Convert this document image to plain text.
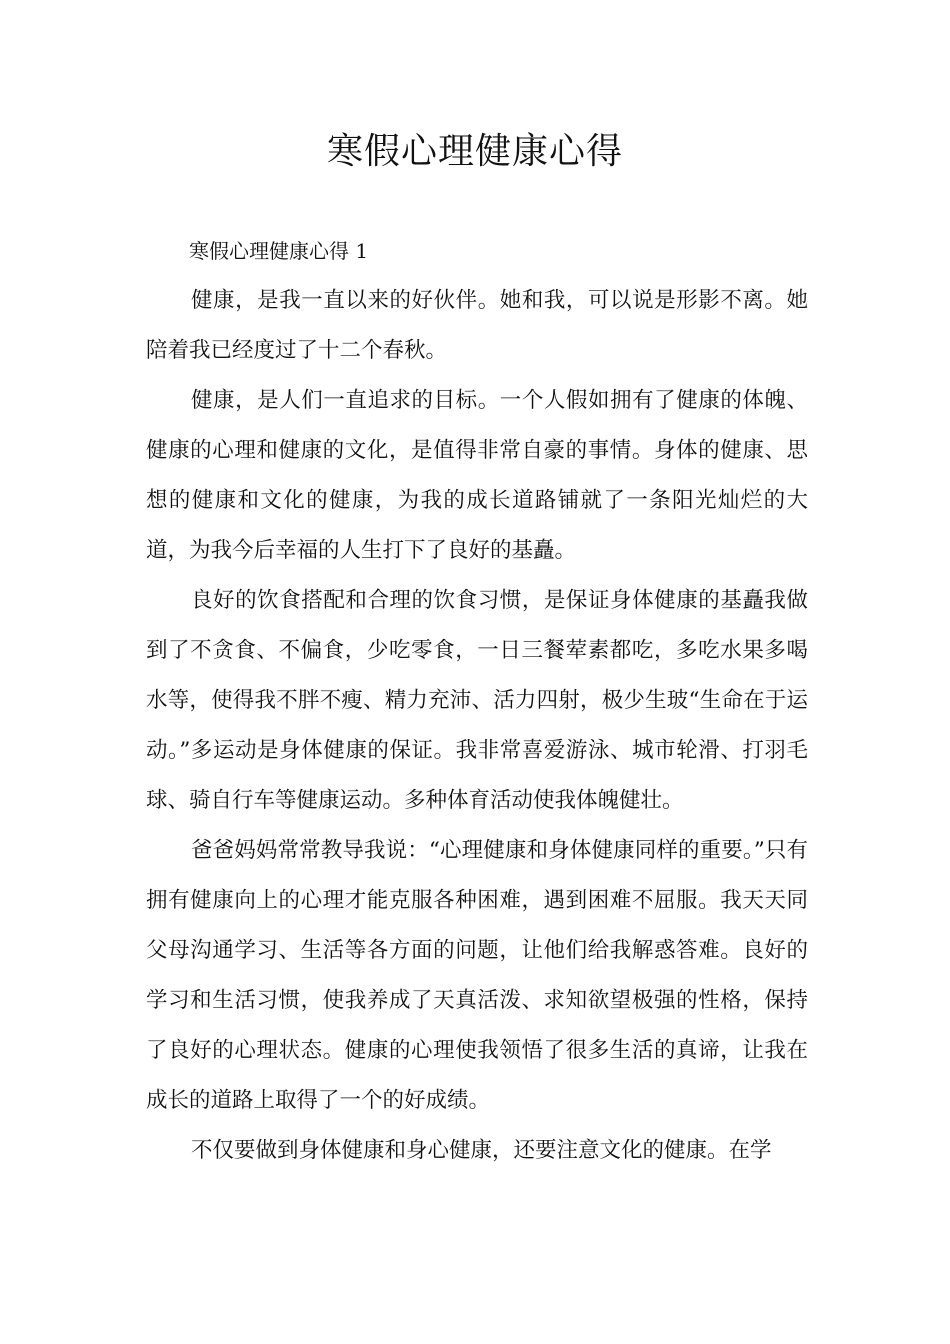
寒假心理健康心得

寒假心理健康心得 1

健康，是我一直以来的好伙伴。她和我，可以说是形影不离。她陪着我已经度过了十二个春秋。

健康，是人们一直追求的目标。一个人假如拥有了健康的体魄、健康的心理和健康的文化，是值得非常自豪的事情。身体的健康、思想的健康和文化的健康，为我的成长道路铺就了一条阳光灿烂的大道，为我今后幸福的人生打下了良好的基矗。

良好的饮食搭配和合理的饮食习惯，是保证身体健康的基矗我做到了不贪食、不偏食，少吃零食，一日三餐荤素都吃，多吃水果多喝水等，使得我不胖不瘦、精力充沛、活力四射，极少生玻“生命在于运动。”多运动是身体健康的保证。我非常喜爱游泳、城市轮滑、打羽毛球、骑自行车等健康运动。多种体育活动使我体魄健壮。

爸爸妈妈常常教导我说：“心理健康和身体健康同样的重要。”只有拥有健康向上的心理才能克服各种困难，遇到困难不屈服。我天天同父母沟通学习、生活等各方面的问题，让他们给我解惑答难。良好的学习和生活习惯，使我养成了天真活泼、求知欲望极强的性格，保持了良好的心理状态。健康的心理使我领悟了很多生活的真谛，让我在成长的道路上取得了一个的好成绩。

不仅要做到身体健康和身心健康，还要注意文化的健康。在学
